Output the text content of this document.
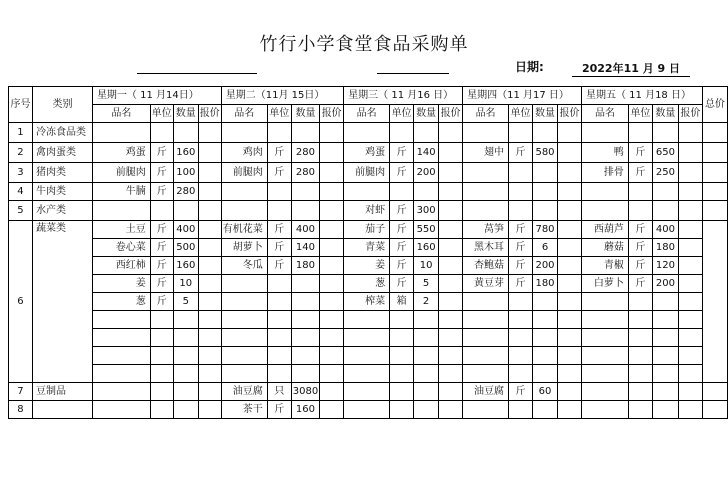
竹行小学食堂食品采购单
日期:	2022年11 月 9 日
序号	类别	星期一（ 11 月14日）				星期二（11月 15日）				星期三（ 11 月16 日）				星期四（11 月17 日）				星期五（ 11 月18 日）				总价
		品名	单位	数量	报价	品名	单位	数量	报价	品名	单位	数量	报价	品名	单位	数量	报价	品名	单位	数量	报价	
1	冷冻食品类																					
2	禽肉蛋类	鸡蛋	斤	160		鸡肉	斤	280		鸡蛋	斤	140		翅中	斤	580		鸭	斤	650		
3	猪肉类	前腿肉	斤	100		前腿肉	斤	280		前腿肉	斤	200						排骨	斤	250		
4	牛肉类	牛腩	斤	280																		
5	水产类									对虾	斤	300										
6	蔬菜类	土豆	斤	400		有机花菜	斤	400		茄子	斤	550		莴笋	斤	780		西葫芦	斤	400		
		卷心菜	斤	500		胡萝卜	斤	140		青菜	斤	160		黑木耳	斤	6		蘑菇	斤	180		
		西红柿	斤	160		冬瓜	斤	180		姜	斤	10		杏鲍菇	斤	200		青椒	斤	120		
		姜	斤	10						葱	斤	5		黄豆芽	斤	180		白萝卜	斤	200		
		葱	斤	5						榨菜	箱	2										

7	豆制品					油豆腐	只	3080						油豆腐	斤	60						
8						茶干	斤	160														
